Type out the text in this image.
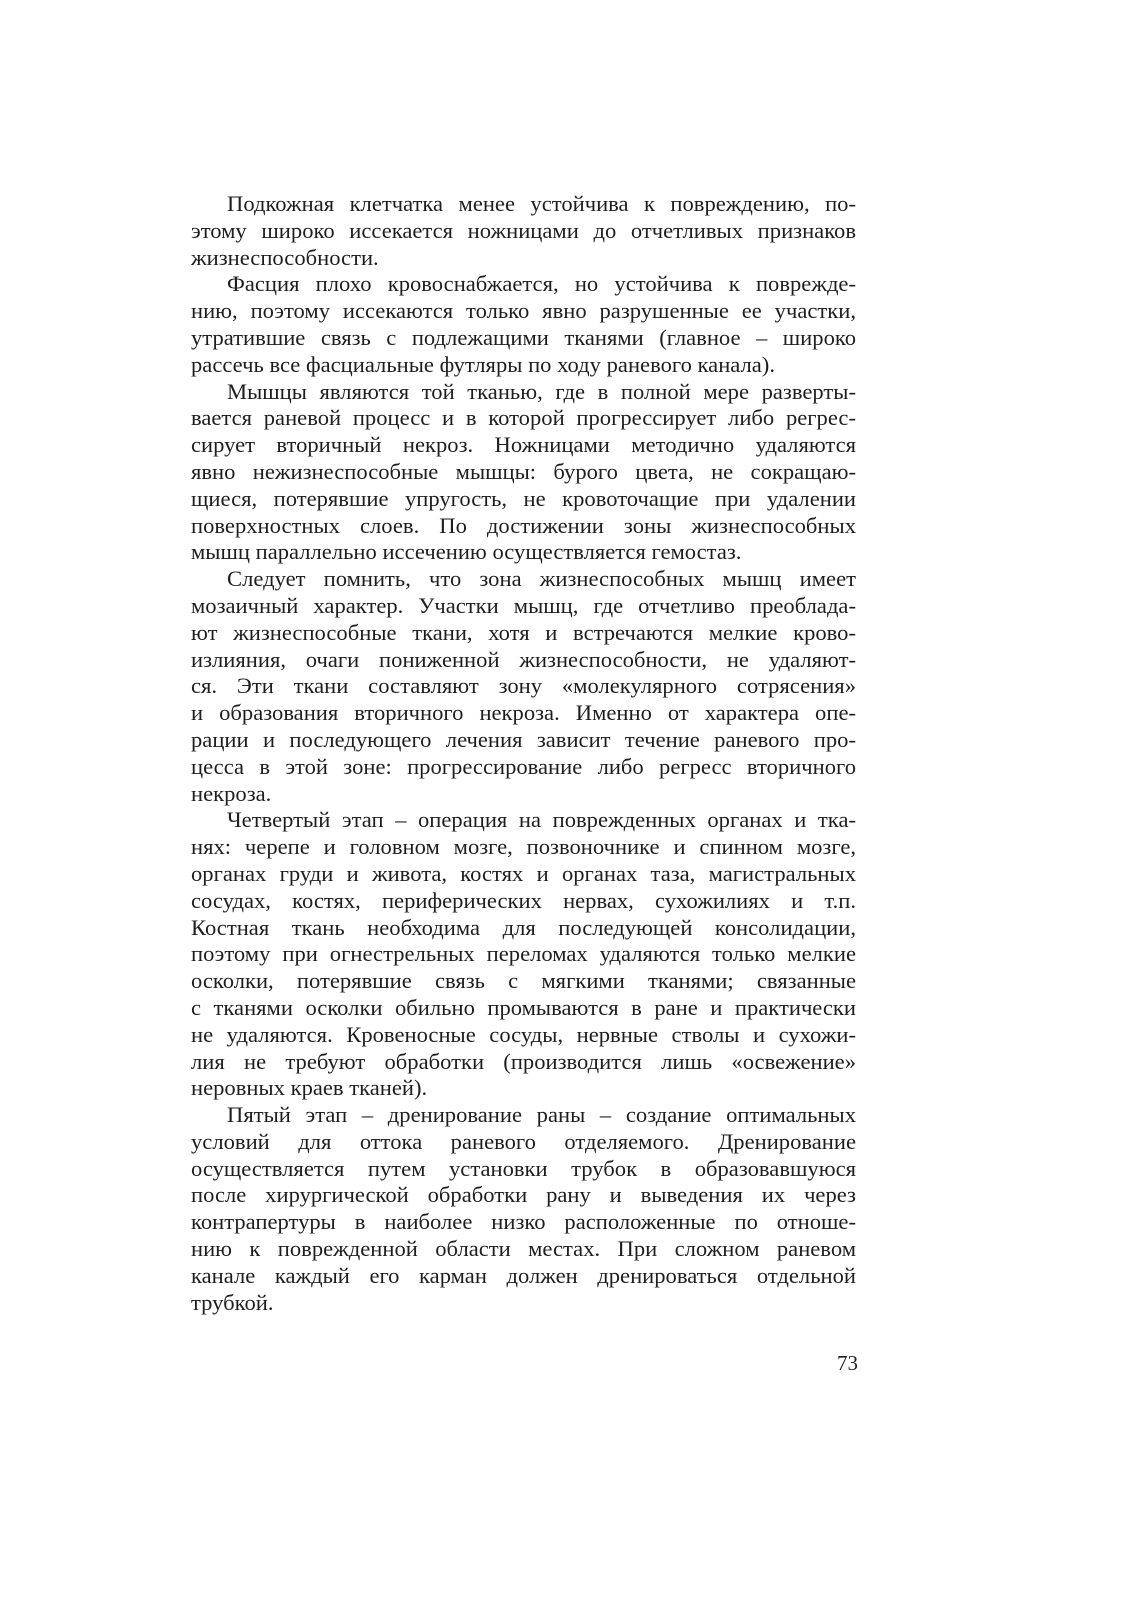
Подкожная клетчатка менее устойчива к повреждению, по-
этому широко иссекается ножницами до отчетливых признаков
жизнеспособности.
Фасция плохо кровоснабжается, но устойчива к поврежде-
нию, поэтому иссекаются только явно разрушенные ее участки,
утратившие связь с подлежащими тканями (главное – широко
рассечь все фасциальные футляры по ходу раневого канала).
Мышцы являются той тканью, где в полной мере разверты-
вается раневой процесс и в которой прогрессирует либо регрес-
сирует вторичный некроз. Ножницами методично удаляются
явно нежизнеспособные мышцы: бурого цвета, не сокращаю-
щиеся, потерявшие упругость, не кровоточащие при удалении
поверхностных слоев. По достижении зоны жизнеспособных
мышц параллельно иссечению осуществляется гемостаз.
Следует помнить, что зона жизнеспособных мышц имеет
мозаичный характер. Участки мышц, где отчетливо преоблада-
ют жизнеспособные ткани, хотя и встречаются мелкие крово-
излияния, очаги пониженной жизнеспособности, не удаляют-
ся. Эти ткани составляют зону «молекулярного сотрясения»
и образования вторичного некроза. Именно от характера опе-
рации и последующего лечения зависит течение раневого про-
цесса в этой зоне: прогрессирование либо регресс вторичного
некроза.
Четвертый этап – операция на поврежденных органах и тка-
нях: черепе и головном мозге, позвоночнике и спинном мозге,
органах груди и живота, костях и органах таза, магистральных
сосудах, костях, периферических нервах, сухожилиях и т.п.
Костная ткань необходима для последующей консолидации,
поэтому при огнестрельных переломах удаляются только мелкие
осколки, потерявшие связь с мягкими тканями; связанные
с тканями осколки обильно промываются в ране и практически
не удаляются. Кровеносные сосуды, нервные стволы и сухожи-
лия не требуют обработки (производится лишь «освежение»
неровных краев тканей).
Пятый этап – дренирование раны – создание оптимальных
условий для оттока раневого отделяемого. Дренирование
осуществляется путем установки трубок в образовавшуюся
после хирургической обработки рану и выведения их через
контрапертуры в наиболее низко расположенные по отноше-
нию к поврежденной области местах. При сложном раневом
канале каждый его карман должен дренироваться отдельной
трубкой.
73
